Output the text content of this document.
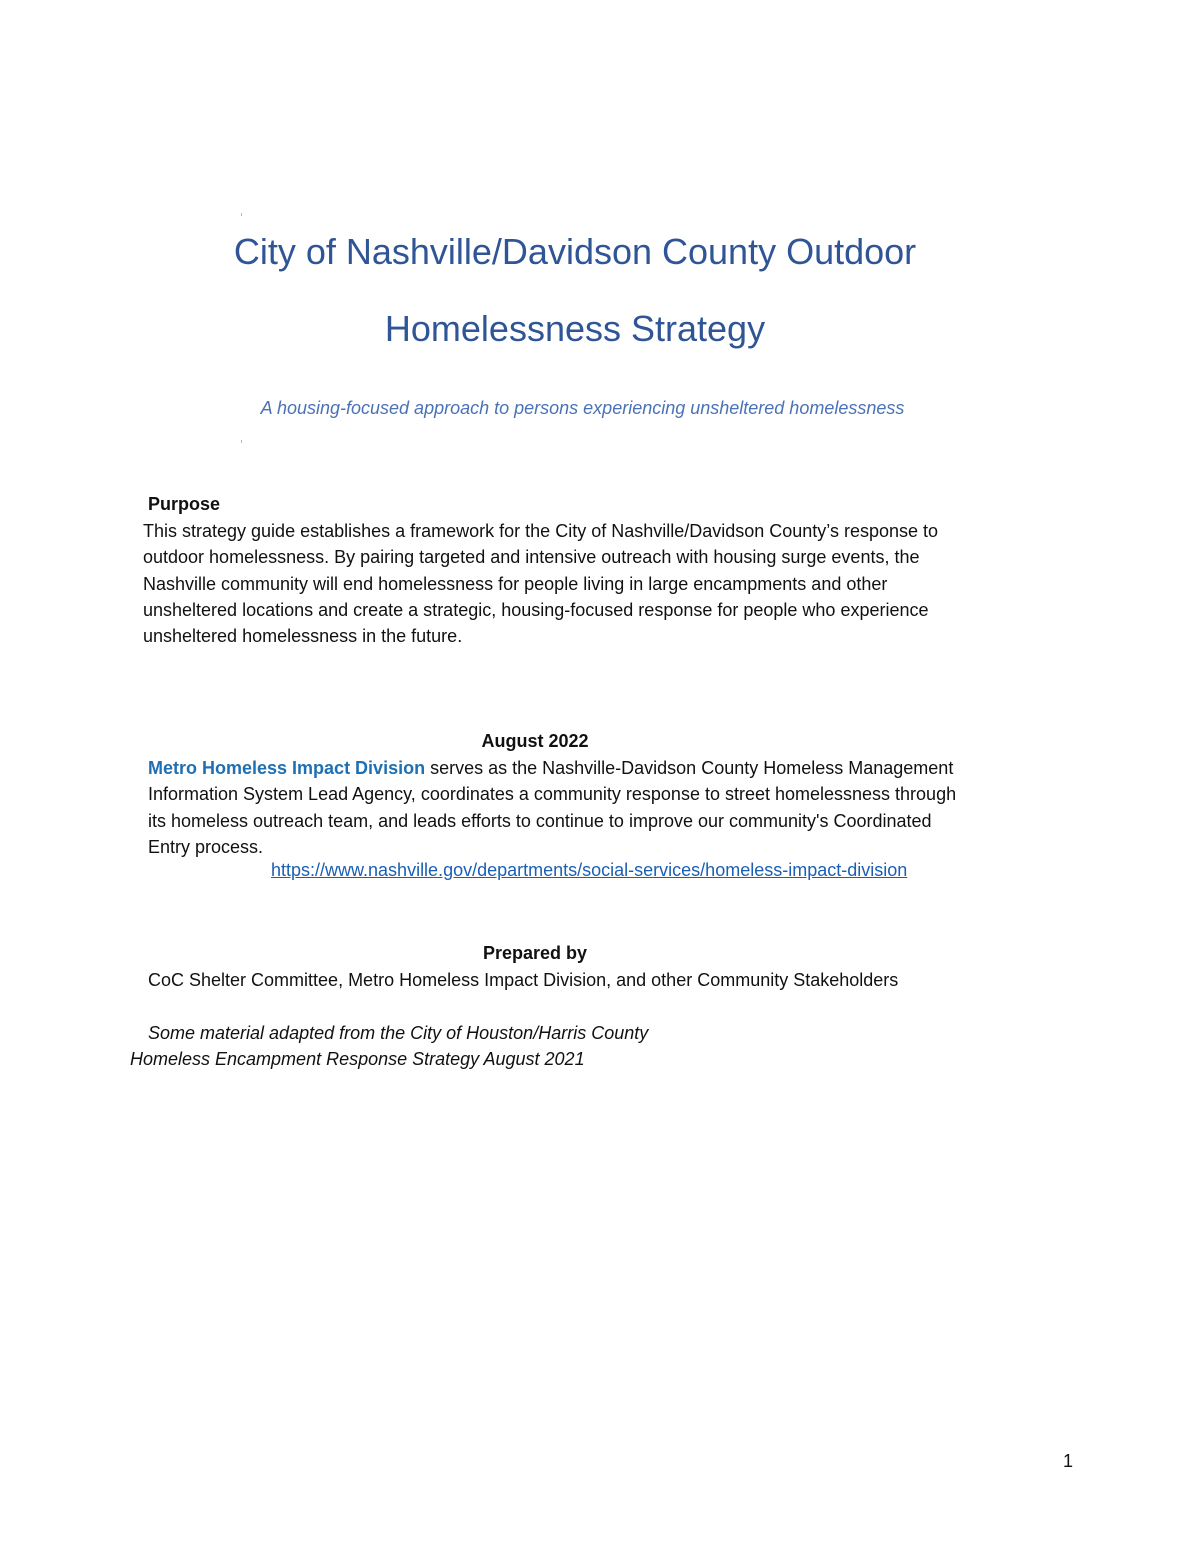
City of Nashville/Davidson County Outdoor
Homelessness Strategy
A housing-focused approach to persons experiencing unsheltered homelessness
Purpose
This strategy guide establishes a framework for the City of Nashville/Davidson County’s response to
outdoor homelessness. By pairing targeted and intensive outreach with housing surge events, the
Nashville community will end homelessness for people living in large encampments and other
unsheltered locations and create a strategic, housing-focused response for people who experience
unsheltered homelessness in the future.
August 2022
Metro Homeless Impact Division serves as the Nashville-Davidson County Homeless Management
Information System Lead Agency, coordinates a community response to street homelessness through
its homeless outreach team, and leads efforts to continue to improve our community's Coordinated
Entry process.
https://www.nashville.gov/departments/social-services/homeless-impact-division
Prepared by
CoC Shelter Committee, Metro Homeless Impact Division, and other Community Stakeholders
Some material adapted from the City of Houston/Harris County
Homeless Encampment Response Strategy August 2021
1
